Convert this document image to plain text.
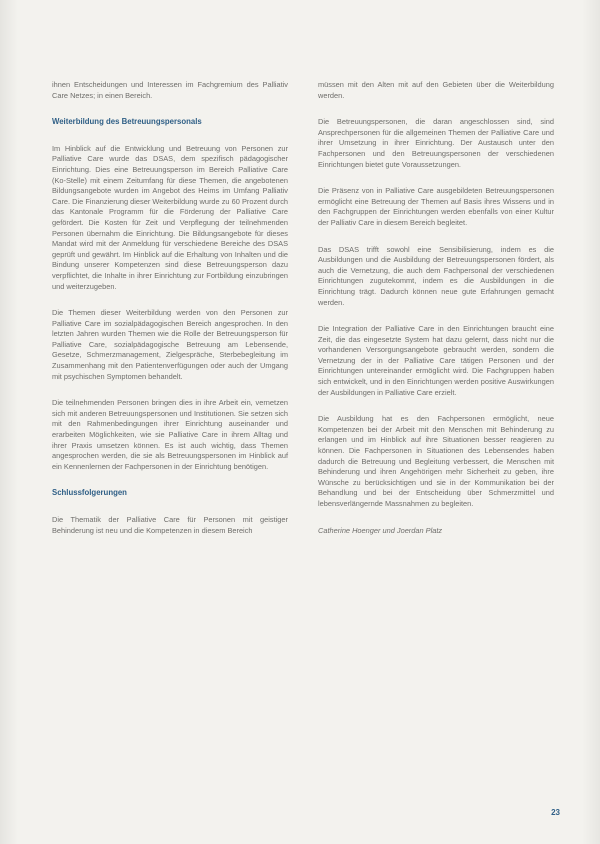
ihnen Entscheidungen und Interessen im Fachgremium des Palliativ Care Netzes; in einen Bereich.

Weiterbildung des Betreuungspersonals

Im Hinblick auf die Entwicklung und Betreuung von Personen zur Palliative Care wurde das DSAS, dem spezifisch pädagogischer Einrichtung. Dies eine Betreuungsperson im Bereich Palliative Care (Ko-Stelle) mit einem Zeitumfang für diese Themen, die angebotenen Bildungsangebote wurden im Angebot des Heims im Umfang Palliativ Care. Die Finanzierung dieser Weiterbildung wurde zu 60 Prozent durch das Kantonale Programm für die Förderung der Palliative Care gefördert. Die Kosten für Zeit und Verpflegung der teilnehmenden Personen übernahm die Einrichtung. Die Bildungsangebote für dieses Mandat wird mit der Anmeldung für verschiedene Bereiche des DSAS geprüft und gewährt. Im Hinblick auf die Erhaltung von Inhalten und die Bindung unserer Kompetenzen sind diese Betreuungsperson dazu verpflichtet, die Inhalte in ihrer Einrichtung zur Fortbildung einzubringen und weiterzugeben.

Die Themen dieser Weiterbildung werden von den Personen zur Palliative Care im sozialpädagogischen Bereich angesprochen. In den letzten Jahren wurden Themen wie die Rolle der Betreuungsperson für Palliative Care, sozialpädagogische Betreuung am Lebensende, Gesetze, Schmerzmanagement, Zielgespräche, Sterbebegleitung im Zusammenhang mit den Patientenverfügungen oder auch der Umgang mit psychischen Symptomen behandelt.

Die teilnehmenden Personen bringen dies in ihre Arbeit ein, vernetzen sich mit anderen Betreuungspersonen und Institutionen. Sie setzen sich mit den Rahmenbedingungen ihrer Einrichtung auseinander und erarbeiten Möglichkeiten, wie sie Palliative Care in ihrem Alltag und ihrer Praxis umsetzen können. Es ist auch wichtig, dass Themen angesprochen werden, die sie als Betreuungspersonen im Hinblick auf ein Kennenlernen der Fachpersonen in der Einrichtung benötigen.

Schlussfolgerungen

Die Thematik der Palliative Care für Personen mit geistiger Behinderung ist neu und die Kompetenzen in diesem Bereich

müssen mit den Alten mit auf den Gebieten über die Weiterbildung werden.

Die Betreuungspersonen, die daran angeschlossen sind, sind Ansprechpersonen für die allgemeinen Themen der Palliative Care und ihrer Umsetzung in ihrer Einrichtung. Der Austausch unter den Fachpersonen und den Betreuungspersonen der verschiedenen Einrichtungen bietet gute Voraussetzungen.

Die Präsenz von in Palliative Care ausgebildeten Betreuungspersonen ermöglicht eine Betreuung der Themen auf Basis ihres Wissens und in den Fachgruppen der Einrichtungen werden ebenfalls von einer Kultur der Palliativ Care in diesem Bereich begleitet.

Das DSAS trifft sowohl eine Sensibilisierung, indem es die Ausbildungen und die Ausbildung der Betreuungspersonen fördert, als auch die Vernetzung, die auch dem Fachpersonal der verschiedenen Einrichtungen zugutekommt, indem es die Ausbildungen in die Einrichtung trägt. Dadurch können neue gute Erfahrungen gemacht werden.

Die Integration der Palliative Care in den Einrichtungen braucht eine Zeit, die das eingesetzte System hat dazu gelernt, dass nicht nur die vorhandenen Versorgungsangebote gebraucht werden, sondern die Vernetzung der in der Palliative Care tätigen Personen und der Einrichtungen untereinander ermöglicht wird. Die Fachgruppen haben sich entwickelt, und in den Einrichtungen werden positive Auswirkungen der Ausbildungen in Palliative Care erzielt.

Die Ausbildung hat es den Fachpersonen ermöglicht, neue Kompetenzen bei der Arbeit mit den Menschen mit Behinderung zu erlangen und im Hinblick auf ihre Situationen besser reagieren zu können. Die Fachpersonen in Situationen des Lebensendes haben dadurch die Betreuung und Begleitung verbessert, die Menschen mit Behinderung und ihren Angehörigen mehr Sicherheit zu geben, ihre Wünsche zu berücksichtigen und sie in der Kommunikation bei der Behandlung und bei der Entscheidung über Schmerzmittel und lebensverlängernde Massnahmen zu begleiten.

Catherine Hoenger und Joerdan Platz

23
